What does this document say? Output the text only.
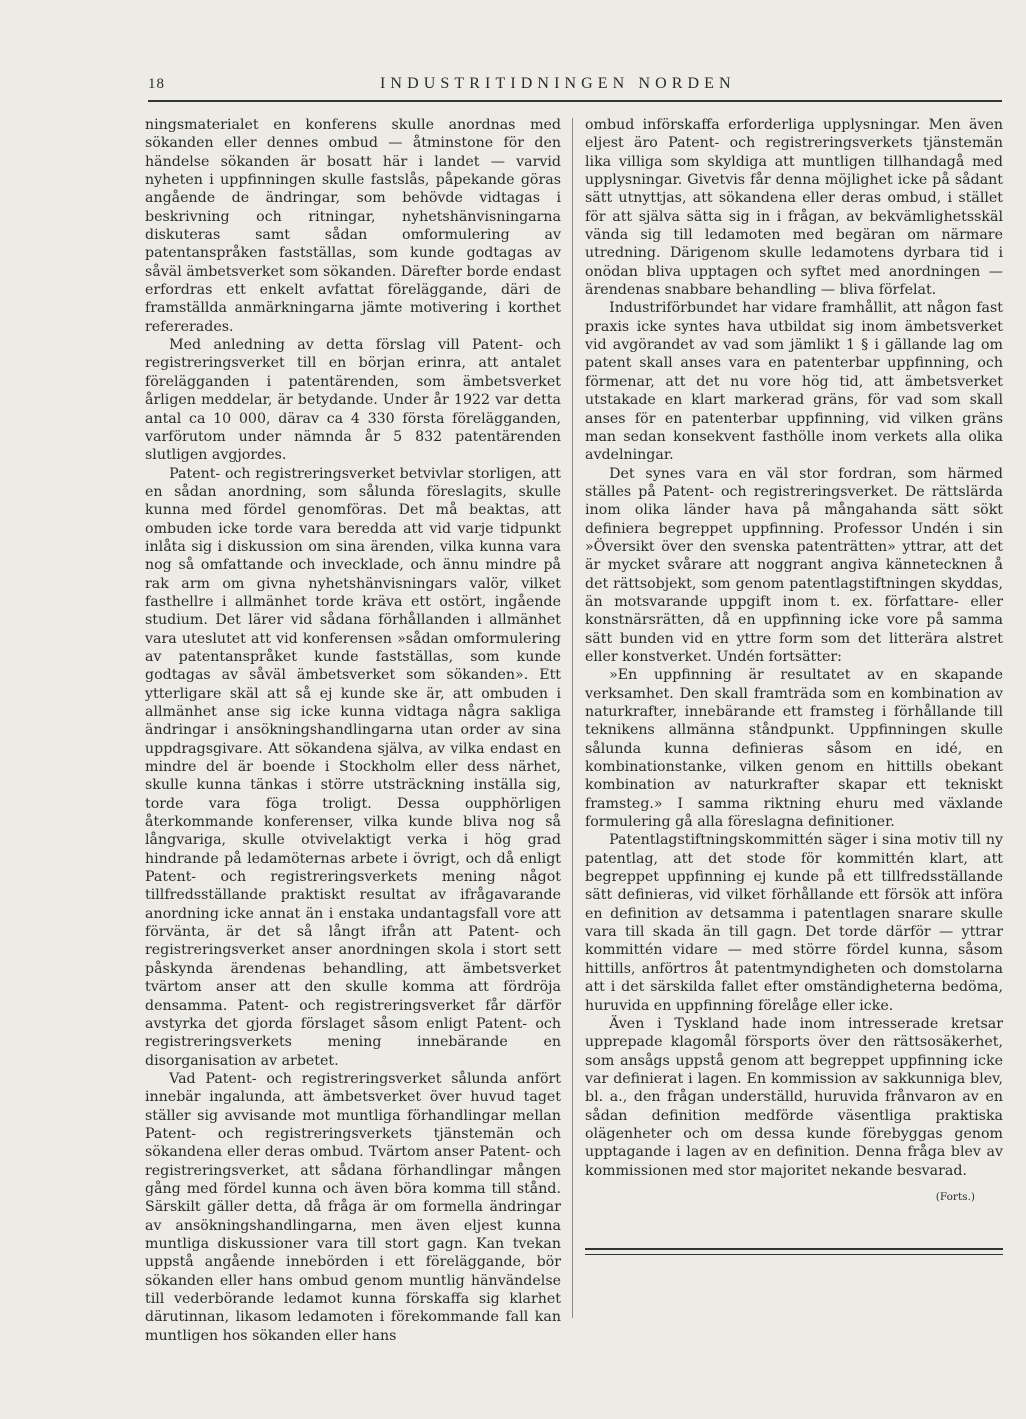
18	INDUSTRITIDNINGEN NORDEN

ningsmaterialet en konferens skulle anordnas med sökanden eller dennes ombud — åtminstone för den händelse sökanden är bosatt här i landet — varvid nyheten i uppfinningen skulle fastslås, påpekande göras angående de ändringar, som behövde vidtagas i beskrivning och ritningar, nyhetshänvisningarna diskuteras samt sådan omformulering av patentanspråken fastställas, som kunde godtagas av såväl ämbetsverket som sökanden. Därefter borde endast erfordras ett enkelt avfattat föreläggande, däri de framställda anmärkningarna jämte motivering i korthet refererades.

Med anledning av detta förslag vill Patent- och registreringsverket till en början erinra, att antalet förelägganden i patentärenden, som ämbetsverket årligen meddelar, är betydande. Under år 1922 var detta antal ca 10 000, därav ca 4 330 första förelägganden, varförutom under nämnda år 5 832 patentärenden slutligen avgjordes.

Patent- och registreringsverket betvivlar storligen, att en sådan anordning, som sålunda föreslagits, skulle kunna med fördel genomföras. Det må beaktas, att ombuden icke torde vara beredda att vid varje tidpunkt inlåta sig i diskussion om sina ärenden, vilka kunna vara nog så omfattande och invecklade, och ännu mindre på rak arm om givna nyhetshänvisningars valör, vilket fasthellre i allmänhet torde kräva ett ostört, ingående studium. Det lärer vid sådana förhållanden i allmänhet vara uteslutet att vid konferensen »sådan omformulering av patentanspråket kunde fastställas, som kunde godtagas av såväl ämbetsverket som sökanden». Ett ytterligare skäl att så ej kunde ske är, att ombuden i allmänhet anse sig icke kunna vidtaga några sakliga ändringar i ansökningshandlingarna utan order av sina uppdragsgivare. Att sökandena själva, av vilka endast en mindre del är boende i Stockholm eller dess närhet, skulle kunna tänkas i större utsträckning inställa sig, torde vara föga troligt. Dessa oupphörligen återkommande konferenser, vilka kunde bliva nog så långvariga, skulle otvivelaktigt verka i hög grad hindrande på ledamöternas arbete i övrigt, och då enligt Patent- och registreringsverkets mening något tillfredsställande praktiskt resultat av ifrågavarande anordning icke annat än i enstaka undantagsfall vore att förvänta, är det så långt ifrån att Patent- och registreringsverket anser anordningen skola i stort sett påskynda ärendenas behandling, att ämbetsverket tvärtom anser att den skulle komma att fördröja densamma. Patent- och registreringsverket får därför avstyrka det gjorda förslaget såsom enligt Patent- och registreringsverkets mening innebärande en disorganisation av arbetet.

Vad Patent- och registreringsverket sålunda anfört innebär ingalunda, att ämbetsverket över huvud taget ställer sig avvisande mot muntliga förhandlingar mellan Patent- och registreringsverkets tjänstemän och sökandena eller deras ombud. Tvärtom anser Patent- och registreringsverket, att sådana förhandlingar mången gång med fördel kunna och även böra komma till stånd. Särskilt gäller detta, då fråga är om formella ändringar av ansökningshandlingarna, men även eljest kunna muntliga diskussioner vara till stort gagn. Kan tvekan uppstå angående innebörden i ett föreläggande, bör sökanden eller hans ombud genom muntlig hänvändelse till vederbörande ledamot kunna förskaffa sig klarhet därutinnan, likasom ledamoten i förekommande fall kan muntligen hos sökanden eller hans

ombud införskaffa erforderliga upplysningar. Men även eljest äro Patent- och registreringsverkets tjänstemän lika villiga som skyldiga att muntligen tillhandagå med upplysningar. Givetvis får denna möjlighet icke på sådant sätt utnyttjas, att sökandena eller deras ombud, i stället för att själva sätta sig in i frågan, av bekvämlighetsskäl vända sig till ledamoten med begäran om närmare utredning. Därigenom skulle ledamotens dyrbara tid i onödan bliva upptagen och syftet med anordningen — ärendenas snabbare behandling — bliva förfelat.

Industriförbundet har vidare framhållit, att någon fast praxis icke syntes hava utbildat sig inom ämbetsverket vid avgörandet av vad som jämlikt 1 § i gällande lag om patent skall anses vara en patenterbar uppfinning, och förmenar, att det nu vore hög tid, att ämbetsverket utstakade en klart markerad gräns, för vad som skall anses för en patenterbar uppfinning, vid vilken gräns man sedan konsekvent fasthölle inom verkets alla olika avdelningar.

Det synes vara en väl stor fordran, som härmed ställes på Patent- och registreringsverket. De rättslärda inom olika länder hava på mångahanda sätt sökt definiera begreppet uppfinning. Professor Undén i sin »Översikt över den svenska patenträtten» yttrar, att det är mycket svårare att noggrant angiva kännetecknen å det rättsobjekt, som genom patentlagstiftningen skyddas, än motsvarande uppgift inom t. ex. författare- eller konstnärsrätten, då en uppfinning icke vore på samma sätt bunden vid en yttre form som det litterära alstret eller konstverket. Undén fortsätter:

»En uppfinning är resultatet av en skapande verksamhet. Den skall framträda som en kombination av naturkrafter, innebärande ett framsteg i förhållande till teknikens allmänna ståndpunkt. Uppfinningen skulle sålunda kunna definieras såsom en idé, en kombinationstanke, vilken genom en hittills obekant kombination av naturkrafter skapar ett tekniskt framsteg.» I samma riktning ehuru med växlande formulering gå alla föreslagna definitioner.

Patentlagstiftningskommittén säger i sina motiv till ny patentlag, att det stode för kommittén klart, att begreppet uppfinning ej kunde på ett tillfredsställande sätt definieras, vid vilket förhållande ett försök att införa en definition av detsamma i patentlagen snarare skulle vara till skada än till gagn. Det torde därför — yttrar kommittén vidare — med större fördel kunna, såsom hittills, anförtros åt patentmyndigheten och domstolarna att i det särskilda fallet efter omständigheterna bedöma, huruvida en uppfinning förelåge eller icke.

Även i Tyskland hade inom intresserade kretsar upprepade klagomål försports över den rättsosäkerhet, som ansågs uppstå genom att begreppet uppfinning icke var definierat i lagen. En kommission av sakkunniga blev, bl. a., den frågan underställd, huruvida frånvaron av en sådan definition medförde väsentliga praktiska olägenheter och om dessa kunde förebyggas genom upptagande i lagen av en definition. Denna fråga blev av kommissionen med stor majoritet nekande besvarad.

(Forts.)
